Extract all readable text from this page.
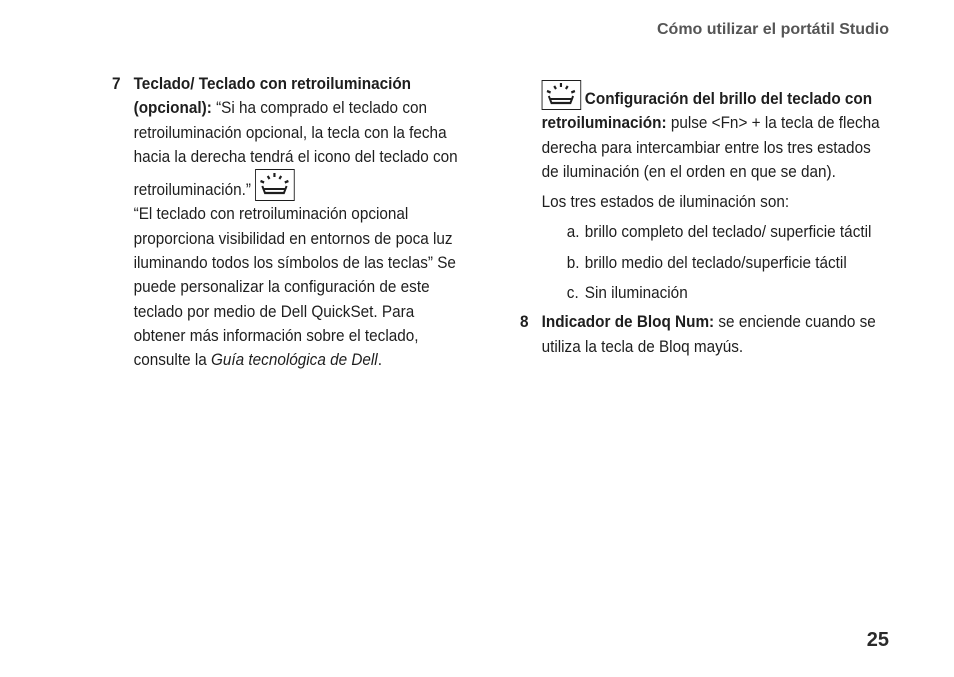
Cómo utilizar el portátil Studio
7 Teclado/ Teclado con retroiluminación (opcional): “Si ha comprado el teclado con retroiluminación opcional, la tecla con la fecha hacia la derecha tendrá el icono del teclado con retroiluminación.”

“El teclado con retroiluminación opcional proporciona visibilidad en entornos de poca luz iluminando todos los símbolos de las teclas” Se puede personalizar la configuración de este teclado por medio de Dell QuickSet. Para obtener más información sobre el teclado, consulte la Guía tecnológica de Dell.

Configuración del brillo del teclado con retroiluminación: pulse <Fn> + la tecla de flecha derecha para intercambiar entre los tres estados de iluminación (en el orden en que se dan).

Los tres estados de iluminación son:

a. brillo completo del teclado/ superficie táctil
b. brillo medio del teclado/superficie táctil
c. Sin iluminación
8 Indicador de Bloq Num: se enciende cuando se utiliza la tecla de Bloq mayús.
25
